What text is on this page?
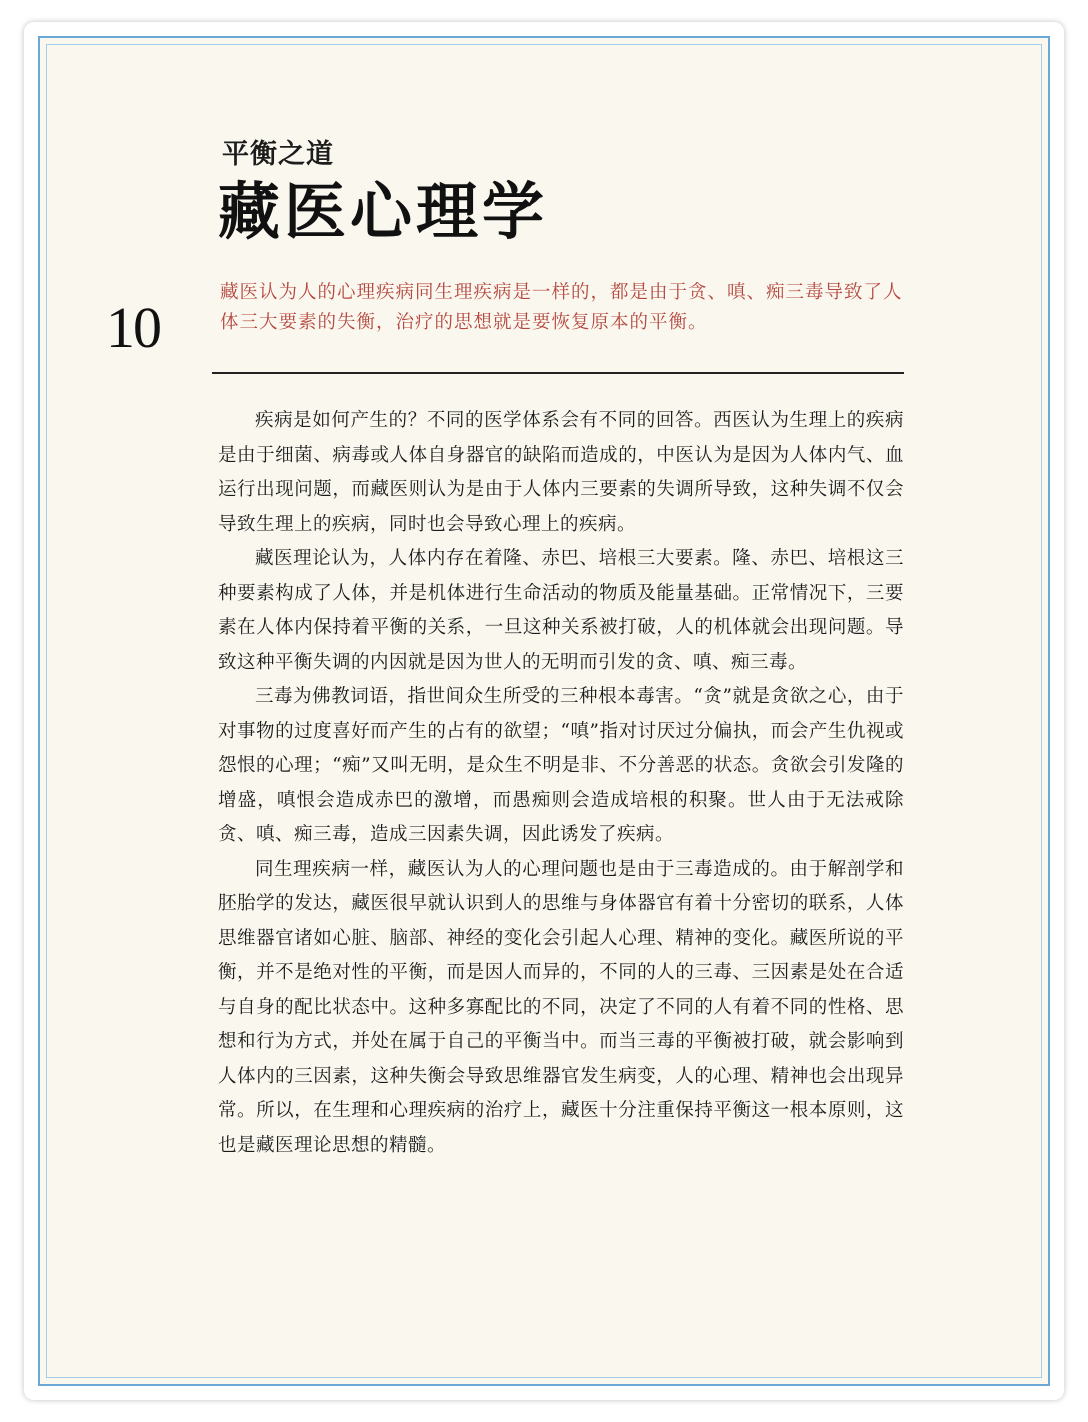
平衡之道
藏医心理学
10

藏医认为人的心理疾病同生理疾病是一样的，都是由于贪、嗔、痴三毒导致了人体三大要素的失衡，治疗的思想就是要恢复原本的平衡。

疾病是如何产生的？不同的医学体系会有不同的回答。西医认为生理上的疾病是由于细菌、病毒或人体自身器官的缺陷而造成的，中医认为是因为人体内气、血运行出现问题，而藏医则认为是由于人体内三要素的失调所导致，这种失调不仅会导致生理上的疾病，同时也会导致心理上的疾病。

藏医理论认为，人体内存在着隆、赤巴、培根三大要素。隆、赤巴、培根这三种要素构成了人体，并是机体进行生命活动的物质及能量基础。正常情况下，三要素在人体内保持着平衡的关系，一旦这种关系被打破，人的机体就会出现问题。导致这种平衡失调的内因就是因为世人的无明而引发的贪、嗔、痴三毒。

三毒为佛教词语，指世间众生所受的三种根本毒害。“贪”就是贪欲之心，由于对事物的过度喜好而产生的占有的欲望；“嗔”指对讨厌过分偏执，而会产生仇视或怨恨的心理；“痴”又叫无明，是众生不明是非、不分善恶的状态。贪欲会引发隆的增盛，嗔恨会造成赤巴的激增，而愚痴则会造成培根的积聚。世人由于无法戒除贪、嗔、痴三毒，造成三因素失调，因此诱发了疾病。

同生理疾病一样，藏医认为人的心理问题也是由于三毒造成的。由于解剖学和胚胎学的发达，藏医很早就认识到人的思维与身体器官有着十分密切的联系，人体思维器官诸如心脏、脑部、神经的变化会引起人心理、精神的变化。藏医所说的平衡，并不是绝对性的平衡，而是因人而异的，不同的人的三毒、三因素是处在合适与自身的配比状态中。这种多寡配比的不同，决定了不同的人有着不同的性格、思想和行为方式，并处在属于自己的平衡当中。而当三毒的平衡被打破，就会影响到人体内的三因素，这种失衡会导致思维器官发生病变，人的心理、精神也会出现异常。所以，在生理和心理疾病的治疗上，藏医十分注重保持平衡这一根本原则，这也是藏医理论思想的精髓。
